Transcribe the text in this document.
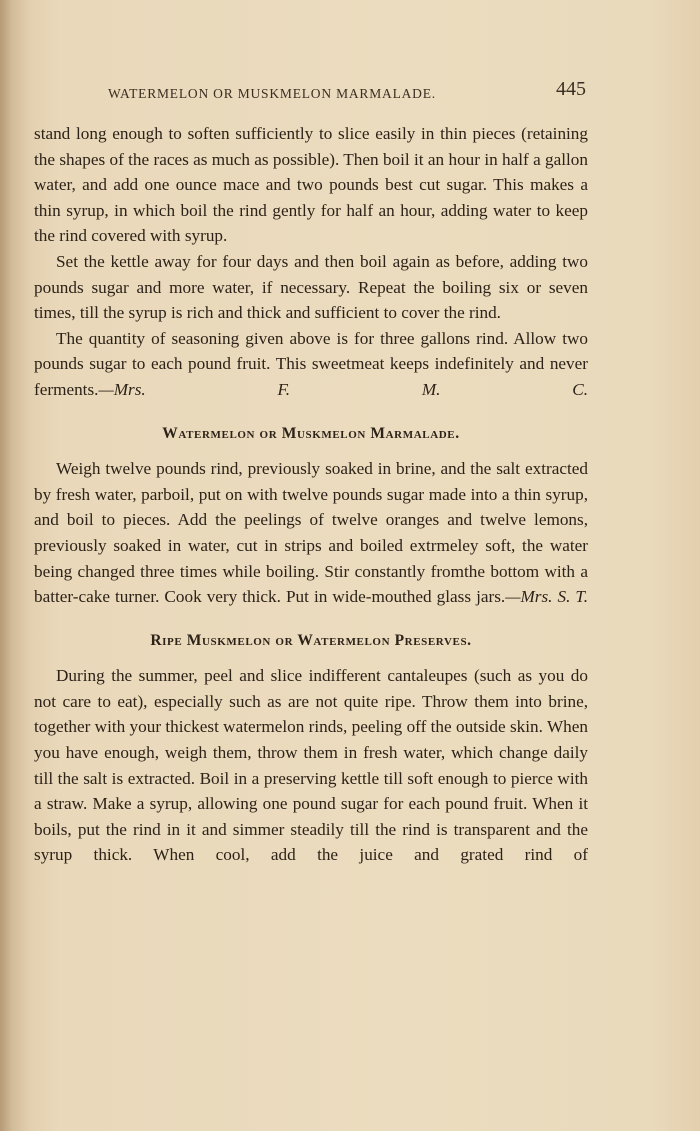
WATERMELON OR MUSKMELON MARMALADE.	445

stand long enough to soften sufficiently to slice easily in thin pieces (retaining the shapes of the races as much as possible). Then boil it an hour in half a gallon water, and add one ounce mace and two pounds best cut sugar. This makes a thin syrup, in which boil the rind gently for half an hour, adding water to keep the rind covered with syrup.

Set the kettle away for four days and then boil again as before, adding two pounds sugar and more water, if necessary. Repeat the boiling six or seven times, till the syrup is rich and thick and sufficient to cover the rind.

The quantity of seasoning given above is for three gallons rind. Allow two pounds sugar to each pound fruit. This sweetmeat keeps indefinitely and never ferments.—Mrs. F. M. C.

Watermelon or Muskmelon Marmalade.

Weigh twelve pounds rind, previously soaked in brine, and the salt extracted by fresh water, parboil, put on with twelve pounds sugar made into a thin syrup, and boil to pieces. Add the peelings of twelve oranges and twelve lemons, previously soaked in water, cut in strips and boiled extrmeley soft, the water being changed three times while boiling. Stir constantly fromthe bottom with a batter-cake turner. Cook very thick. Put in wide-mouthed glass jars.—Mrs. S. T.

Ripe Muskmelon or Watermelon Preserves.

During the summer, peel and slice indifferent cantaleupes (such as you do not care to eat), especially such as are not quite ripe. Throw them into brine, together with your thickest watermelon rinds, peeling off the outside skin. When you have enough, weigh them, throw them in fresh water, which change daily till the salt is extracted. Boil in a preserving kettle till soft enough to pierce with a straw. Make a syrup, allowing one pound sugar for each pound fruit. When it boils, put the rind in it and simmer steadily till the rind is transparent and the syrup thick. When cool, add the juice and grated rind of
